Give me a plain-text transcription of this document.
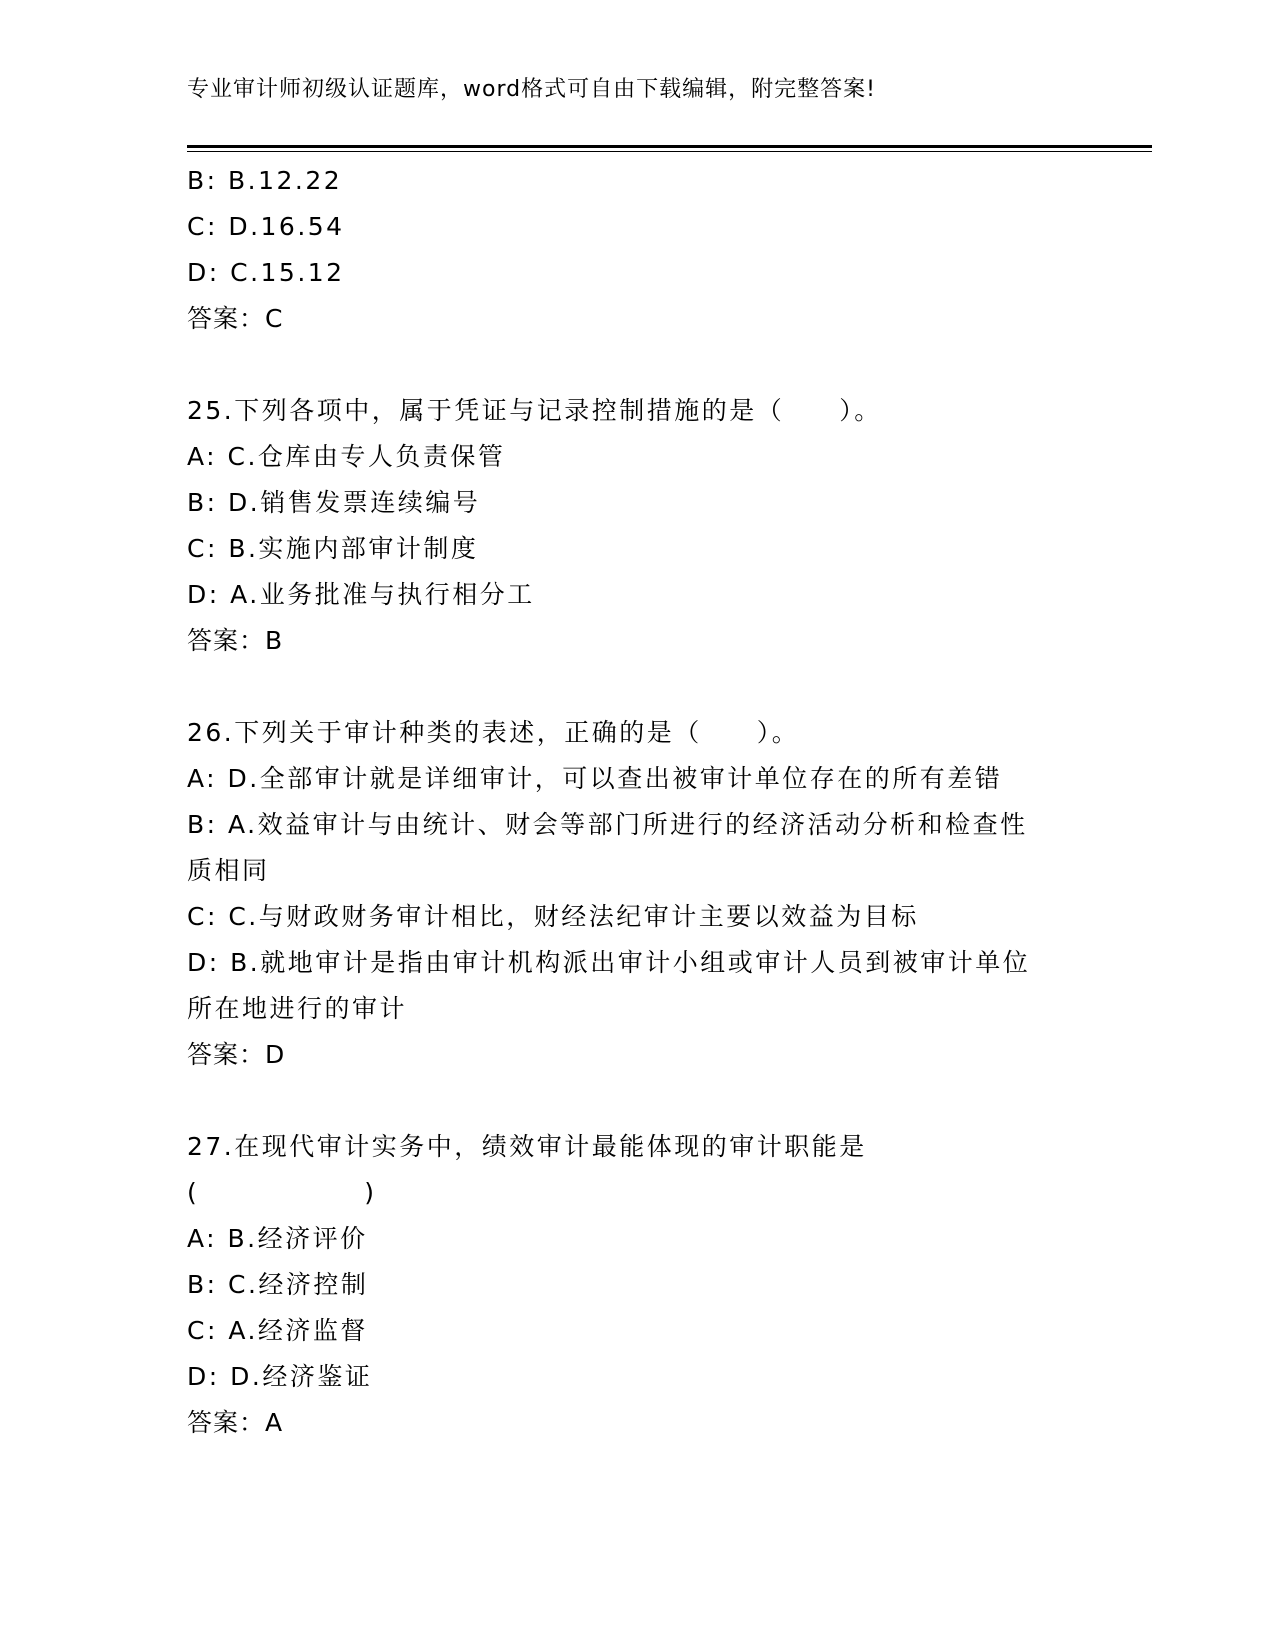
专业审计师初级认证题库，word格式可自由下载编辑，附完整答案!
B: B.12.22
C: D.16.54
D: C.15.12
答案：C
25.下列各项中，属于凭证与记录控制措施的是（　　）。
A: C.仓库由专人负责保管
B: D.销售发票连续编号
C: B.实施内部审计制度
D: A.业务批准与执行相分工
答案：B
26.下列关于审计种类的表述，正确的是（　　）。
A: D.全部审计就是详细审计，可以查出被审计单位存在的所有差错
B: A.效益审计与由统计、财会等部门所进行的经济活动分析和检查性
质相同
C: C.与财政财务审计相比，财经法纪审计主要以效益为目标
D: B.就地审计是指由审计机构派出审计小组或审计人员到被审计单位
所在地进行的审计
答案：D
27.在现代审计实务中，绩效审计最能体现的审计职能是
(　　　　　　)
A: B.经济评价
B: C.经济控制
C: A.经济监督
D: D.经济鉴证
答案：A
